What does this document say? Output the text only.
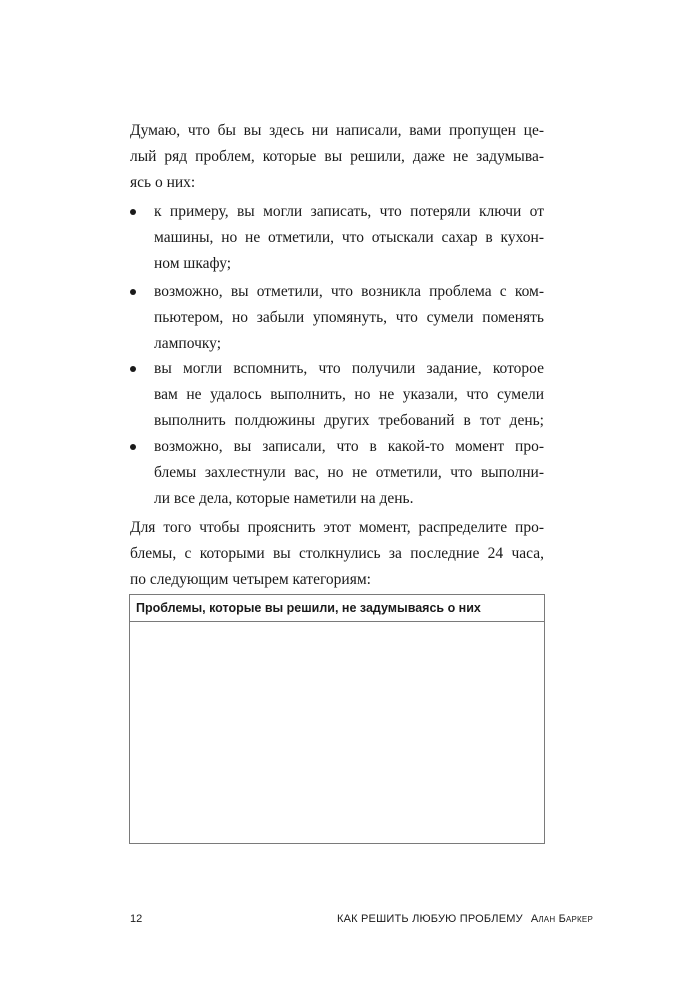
Думаю, что бы вы здесь ни написали, вами пропущен це-
лый ряд проблем, которые вы решили, даже не задумыва-
ясь о них:
к примеру, вы могли записать, что потеряли ключи от
машины, но не отметили, что отыскали сахар в кухон-
ном шкафу;
возможно, вы отметили, что возникла проблема с ком-
пьютером, но забыли упомянуть, что сумели поменять
лампочку;
вы могли вспомнить, что получили задание, которое
вам не удалось выполнить, но не указали, что сумели
выполнить полдюжины других требований в тот день;
возможно, вы записали, что в какой-то момент про-
блемы захлестнули вас, но не отметили, что выполни-
ли все дела, которые наметили на день.
Для того чтобы прояснить этот момент, распределите про-
блемы, с которыми вы столкнулись за последние 24 часа,
по следующим четырем категориям:
Проблемы, которые вы решили, не задумываясь о них
12	КАК РЕШИТЬ ЛЮБУЮ ПРОБЛЕМУ Алан Баркер
